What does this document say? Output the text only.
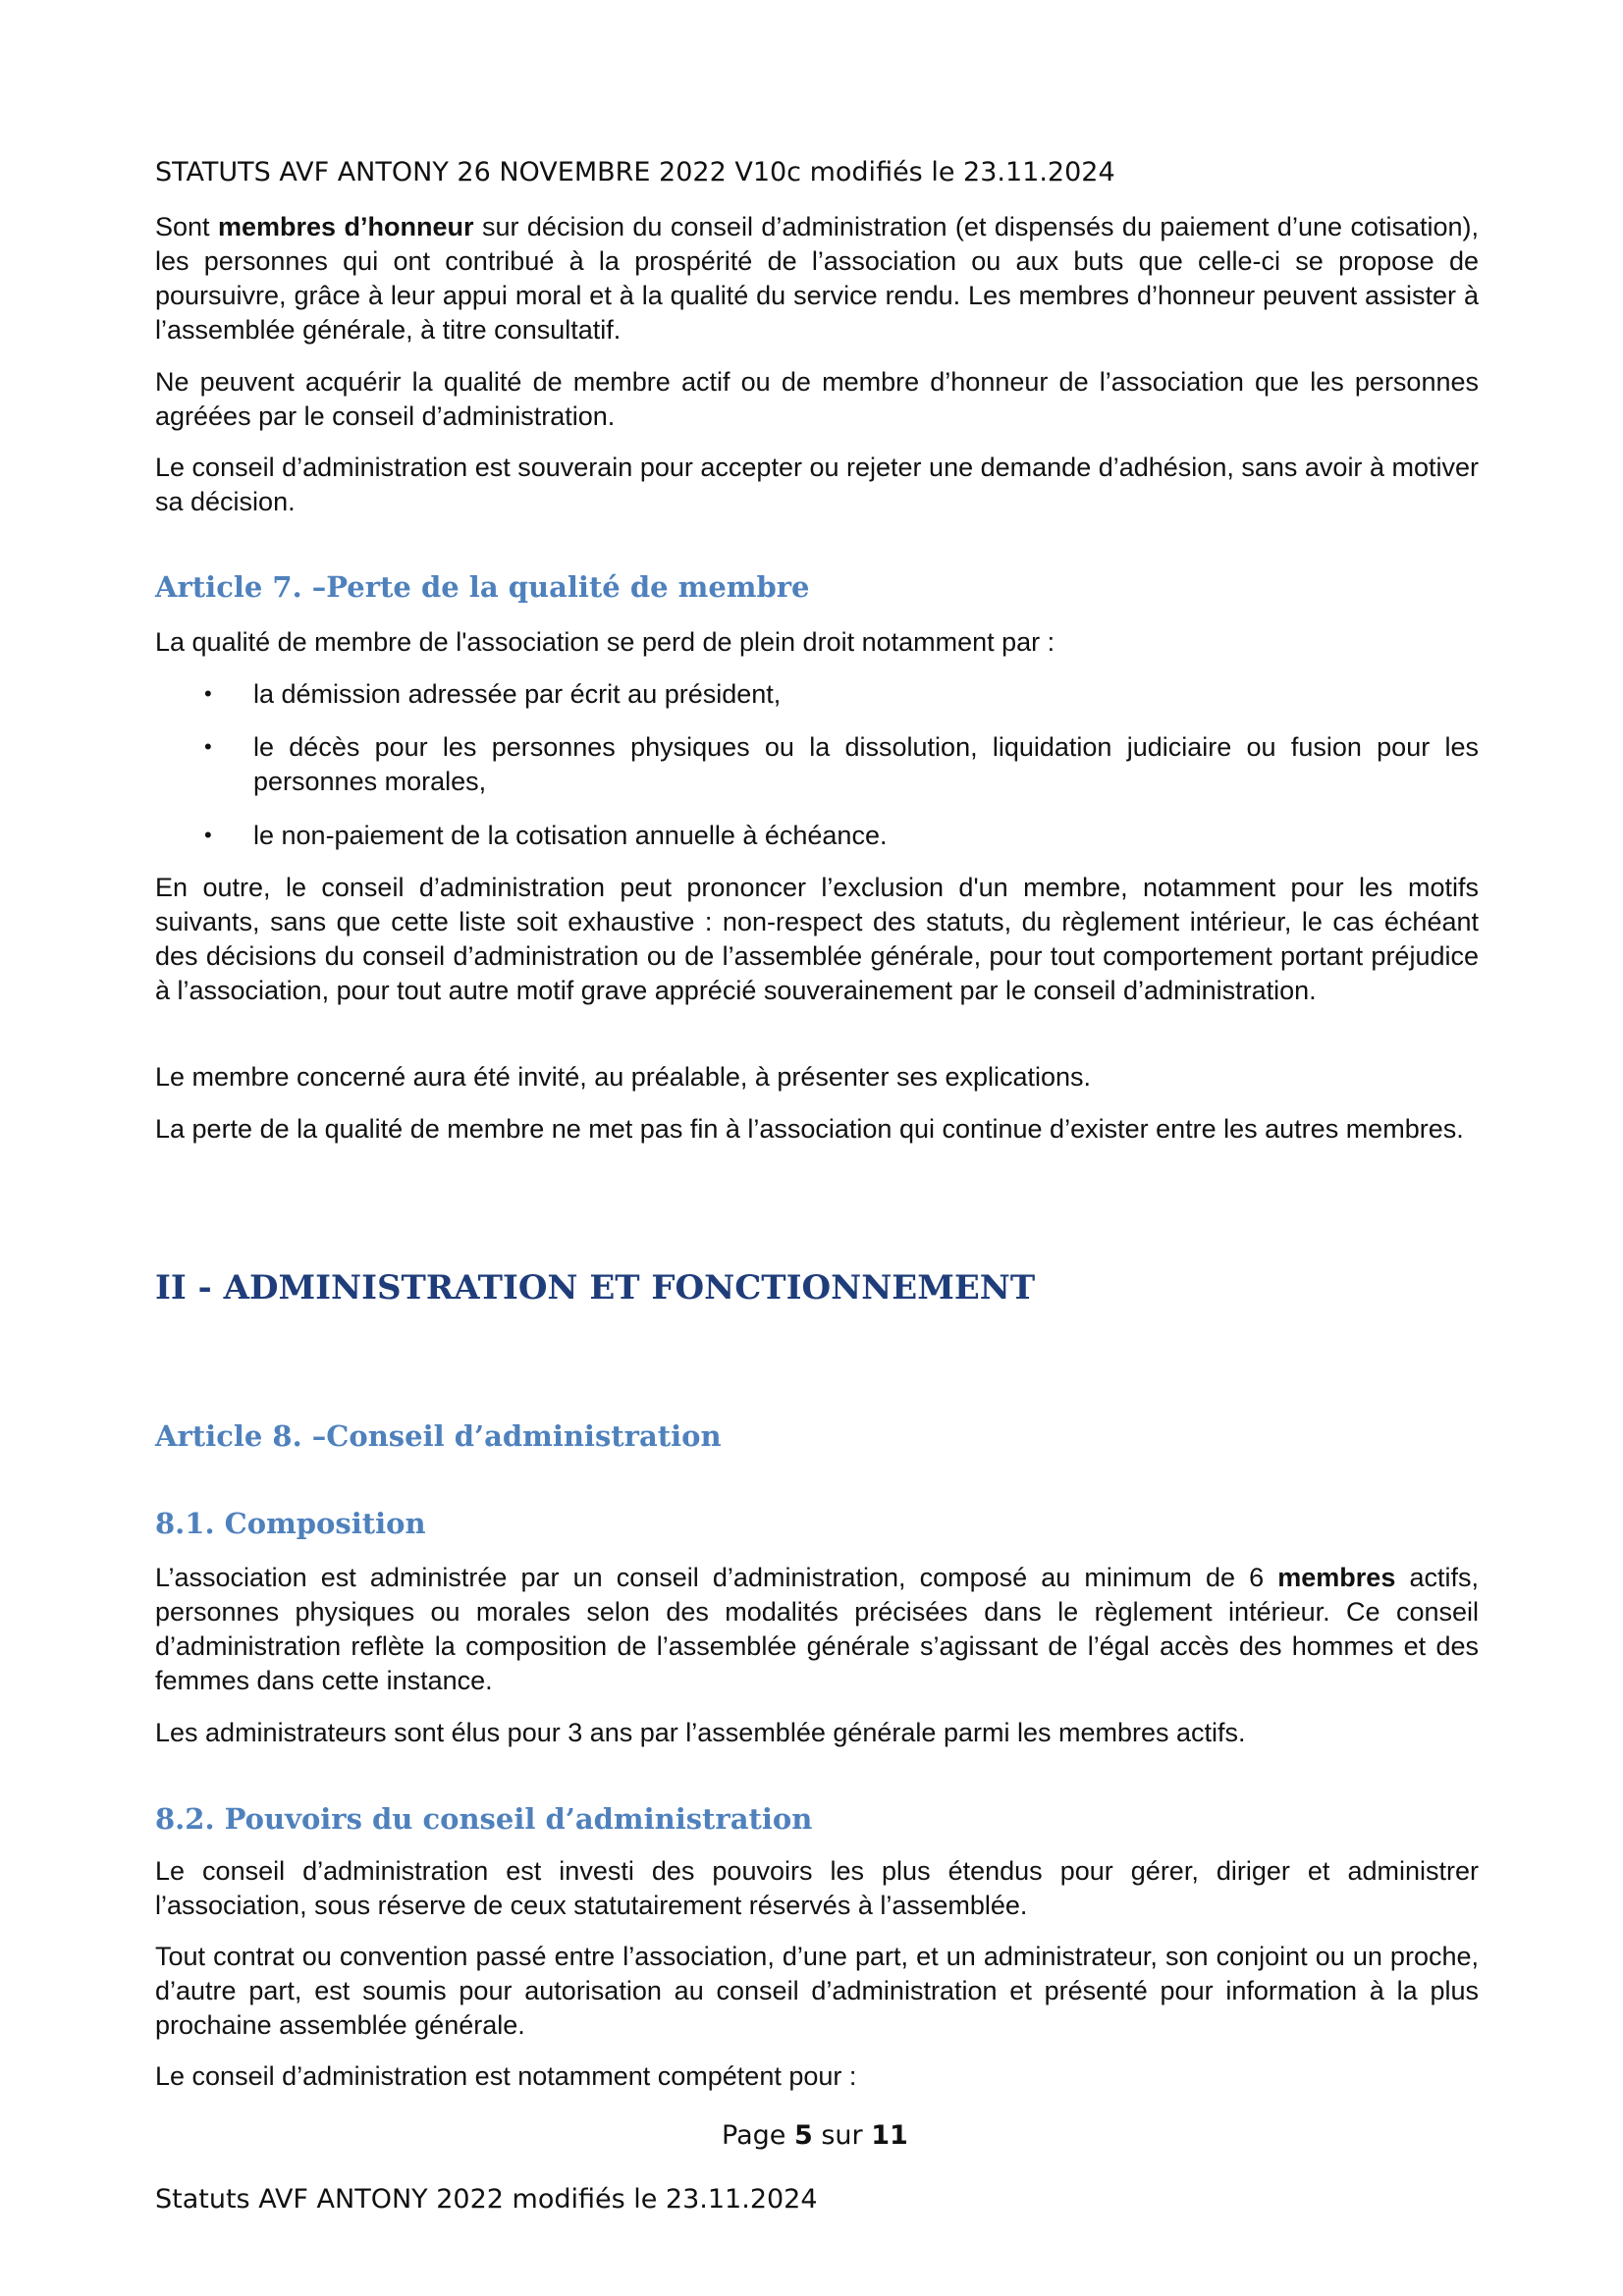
STATUTS AVF ANTONY 26 NOVEMBRE 2022 V10c modifiés le 23.11.2024

Sont membres d’honneur sur décision du conseil d’administration (et dispensés du paiement d’une cotisation), les personnes qui ont contribué à la prospérité de l’association ou aux buts que celle-ci se propose de poursuivre, grâce à leur appui moral et à la qualité du service rendu. Les membres d’honneur peuvent assister à l’assemblée générale, à titre consultatif.

Ne peuvent acquérir la qualité de membre actif ou de membre d’honneur de l’association que les personnes agréées par le conseil d’administration.

Le conseil d’administration est souverain pour accepter ou rejeter une demande d’adhésion, sans avoir à motiver sa décision.

Article 7. –Perte de la qualité de membre

La qualité de membre de l'association se perd de plein droit notamment par :

• la démission adressée par écrit au président,
• le décès pour les personnes physiques ou la dissolution, liquidation judiciaire ou fusion pour les personnes morales,
• le non-paiement de la cotisation annuelle à échéance.

En outre, le conseil d’administration peut prononcer l’exclusion d'un membre, notamment pour les motifs suivants, sans que cette liste soit exhaustive : non-respect des statuts, du règlement intérieur, le cas échéant des décisions du conseil d’administration ou de l’assemblée générale, pour tout comportement portant préjudice à l’association, pour tout autre motif grave apprécié souverainement par le conseil d’administration.

Le membre concerné aura été invité, au préalable, à présenter ses explications.

La perte de la qualité de membre ne met pas fin à l’association qui continue d’exister entre les autres membres.

II - ADMINISTRATION ET FONCTIONNEMENT
Article 8. –Conseil d’administration
8.1. Composition

L’association est administrée par un conseil d’administration, composé au minimum de 6 membres actifs, personnes physiques ou morales selon des modalités précisées dans le règlement intérieur. Ce conseil d’administration reflète la composition de l’assemblée générale s’agissant de l’égal accès des hommes et des femmes dans cette instance.

Les administrateurs sont élus pour 3 ans par l’assemblée générale parmi les membres actifs.

8.2. Pouvoirs du conseil d’administration

Le conseil d’administration est investi des pouvoirs les plus étendus pour gérer, diriger et administrer l’association, sous réserve de ceux statutairement réservés à l’assemblée.

Tout contrat ou convention passé entre l’association, d’une part, et un administrateur, son conjoint ou un proche, d’autre part, est soumis pour autorisation au conseil d’administration et présenté pour information à la plus prochaine assemblée générale.

Le conseil d’administration est notamment compétent pour :

Page 5 sur 11
Statuts AVF ANTONY 2022 modifiés le 23.11.2024
